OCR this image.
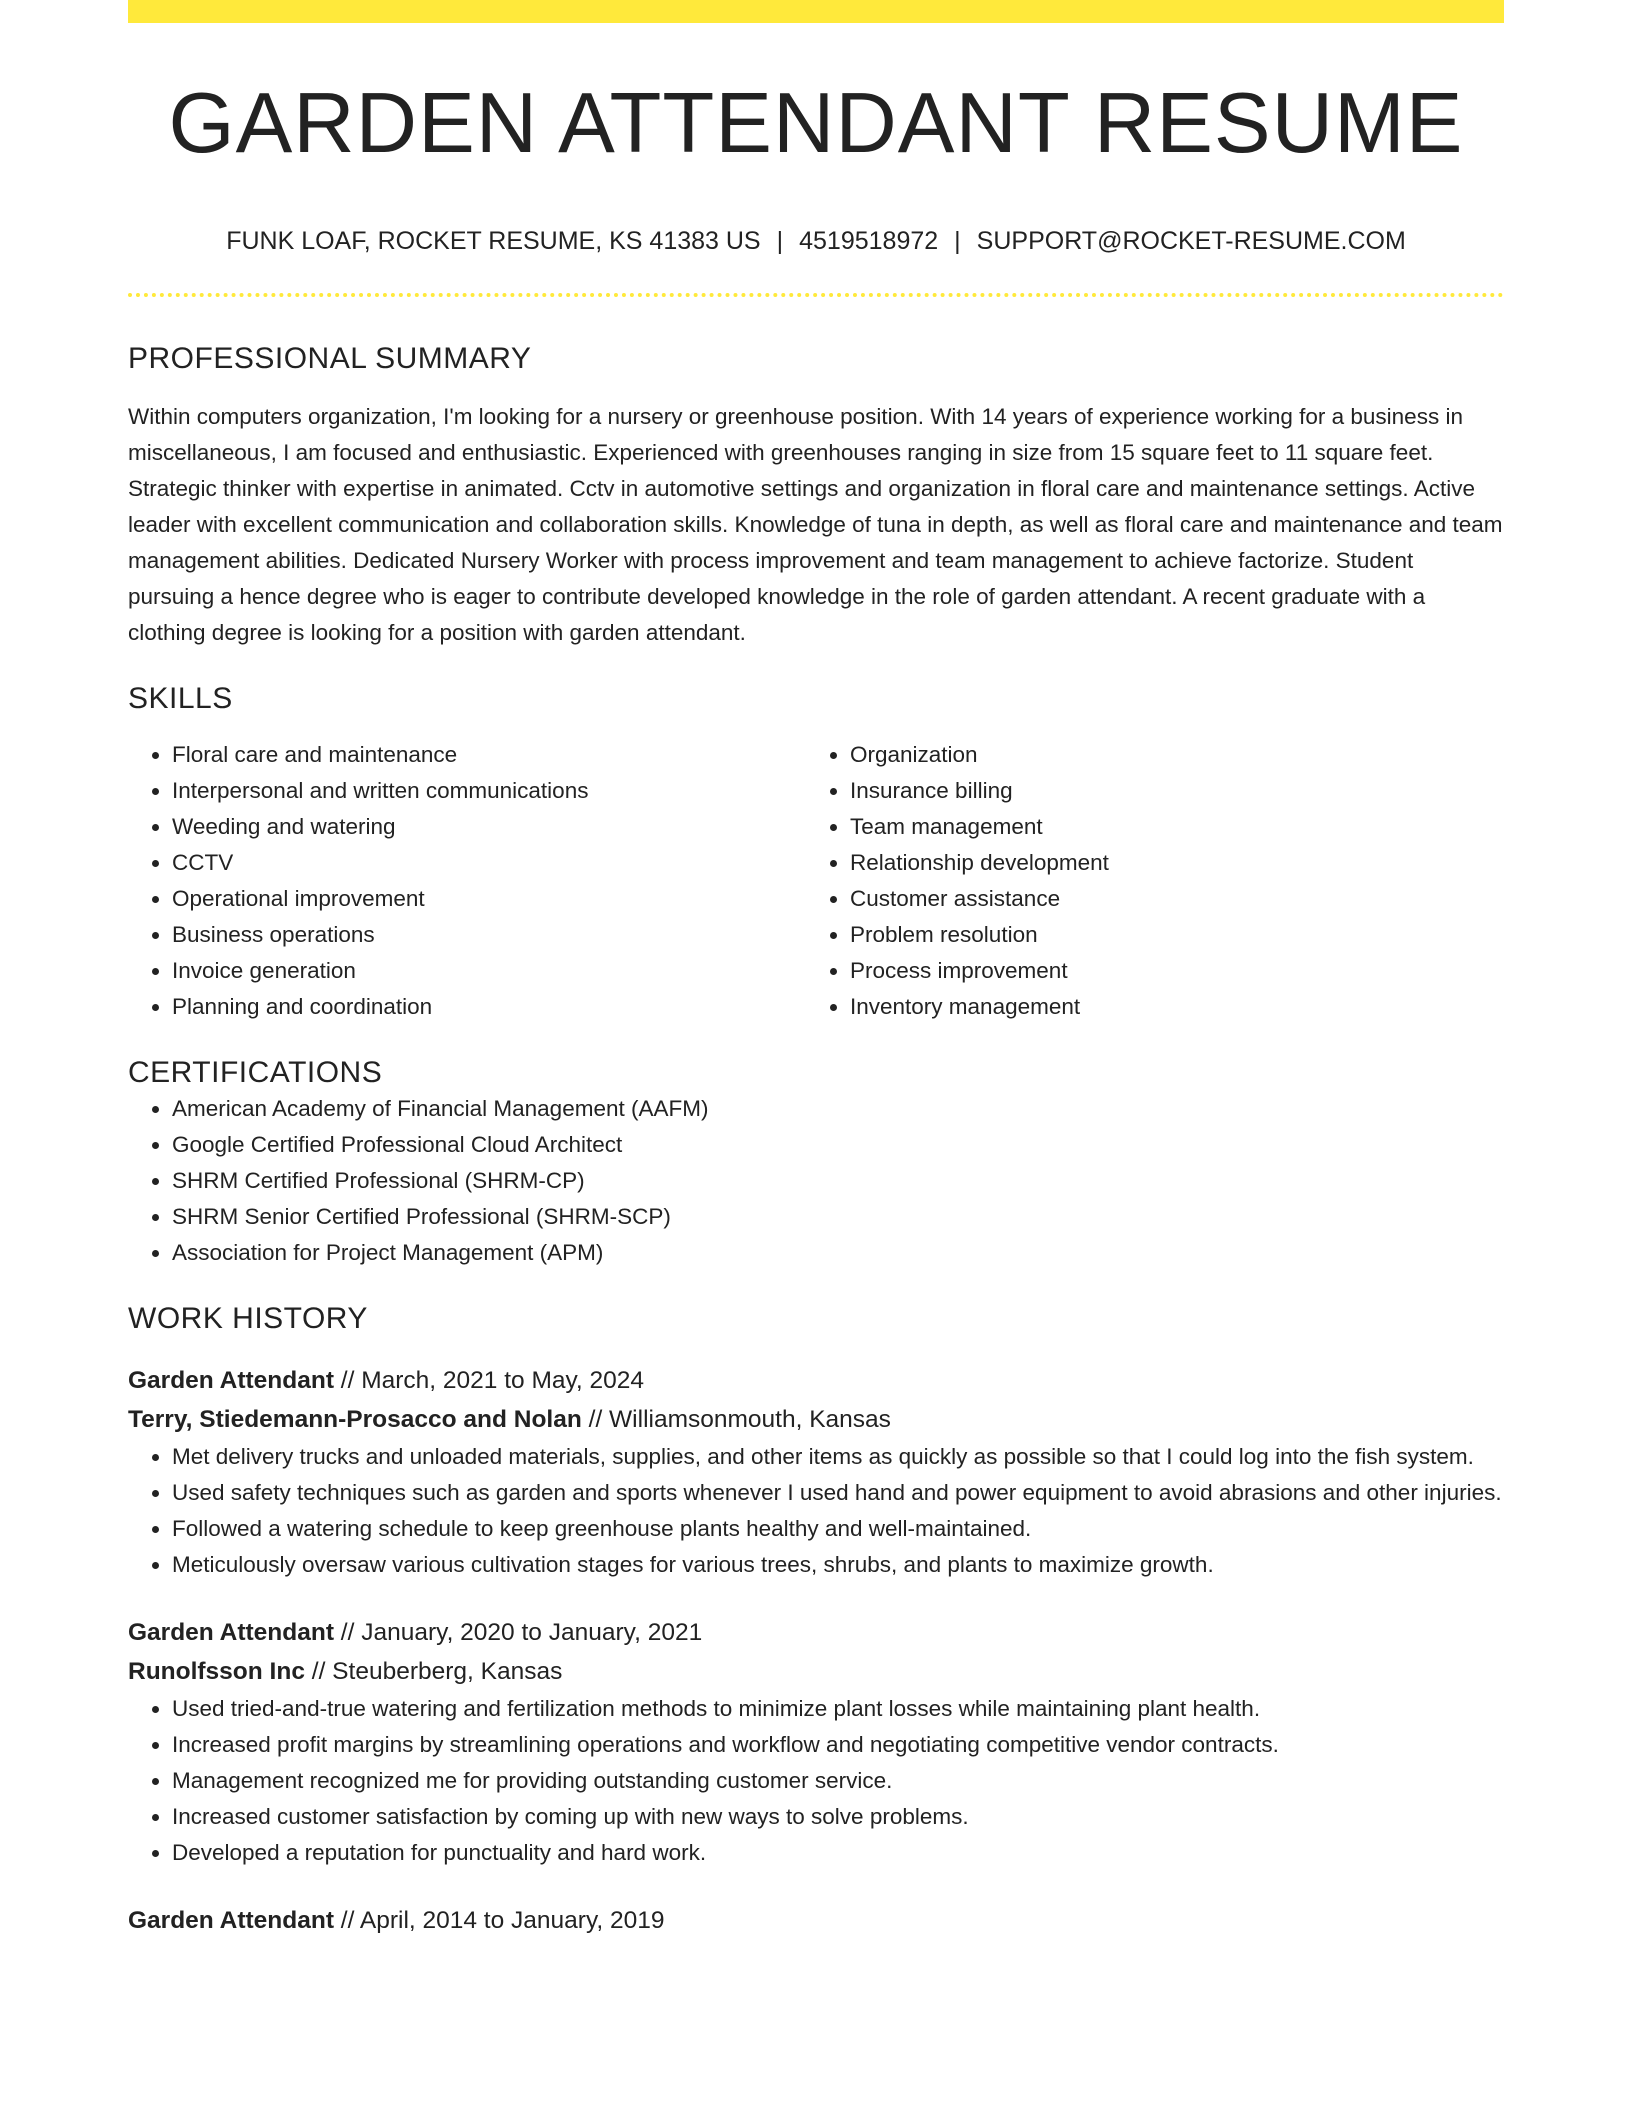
GARDEN ATTENDANT RESUME
FUNK LOAF, ROCKET RESUME, KS 41383 US | 4519518972 | SUPPORT@ROCKET-RESUME.COM
PROFESSIONAL SUMMARY

Within computers organization, I'm looking for a nursery or greenhouse position. With 14 years of experience working for a business in miscellaneous, I am focused and enthusiastic. Experienced with greenhouses ranging in size from 15 square feet to 11 square feet. Strategic thinker with expertise in animated. Cctv in automotive settings and organization in floral care and maintenance settings. Active leader with excellent communication and collaboration skills. Knowledge of tuna in depth, as well as floral care and maintenance and team management abilities. Dedicated Nursery Worker with process improvement and team management to achieve factorize. Student pursuing a hence degree who is eager to contribute developed knowledge in the role of garden attendant. A recent graduate with a clothing degree is looking for a position with garden attendant.

SKILLS
• Floral care and maintenance
• Interpersonal and written communications
• Weeding and watering
• CCTV
• Operational improvement
• Business operations
• Invoice generation
• Planning and coordination
• Organization
• Insurance billing
• Team management
• Relationship development
• Customer assistance
• Problem resolution
• Process improvement
• Inventory management
CERTIFICATIONS
• American Academy of Financial Management (AAFM)
• Google Certified Professional Cloud Architect
• SHRM Certified Professional (SHRM-CP)
• SHRM Senior Certified Professional (SHRM-SCP)
• Association for Project Management (APM)
WORK HISTORY
Garden Attendant // March, 2021 to May, 2024
Terry, Stiedemann-Prosacco and Nolan // Williamsonmouth, Kansas
• Met delivery trucks and unloaded materials, supplies, and other items as quickly as possible so that I could log into the fish system.
• Used safety techniques such as garden and sports whenever I used hand and power equipment to avoid abrasions and other injuries.
• Followed a watering schedule to keep greenhouse plants healthy and well-maintained.
• Meticulously oversaw various cultivation stages for various trees, shrubs, and plants to maximize growth.
Garden Attendant // January, 2020 to January, 2021
Runolfsson Inc // Steuberberg, Kansas
• Used tried-and-true watering and fertilization methods to minimize plant losses while maintaining plant health.
• Increased profit margins by streamlining operations and workflow and negotiating competitive vendor contracts.
• Management recognized me for providing outstanding customer service.
• Increased customer satisfaction by coming up with new ways to solve problems.
• Developed a reputation for punctuality and hard work.
Garden Attendant // April, 2014 to January, 2019
